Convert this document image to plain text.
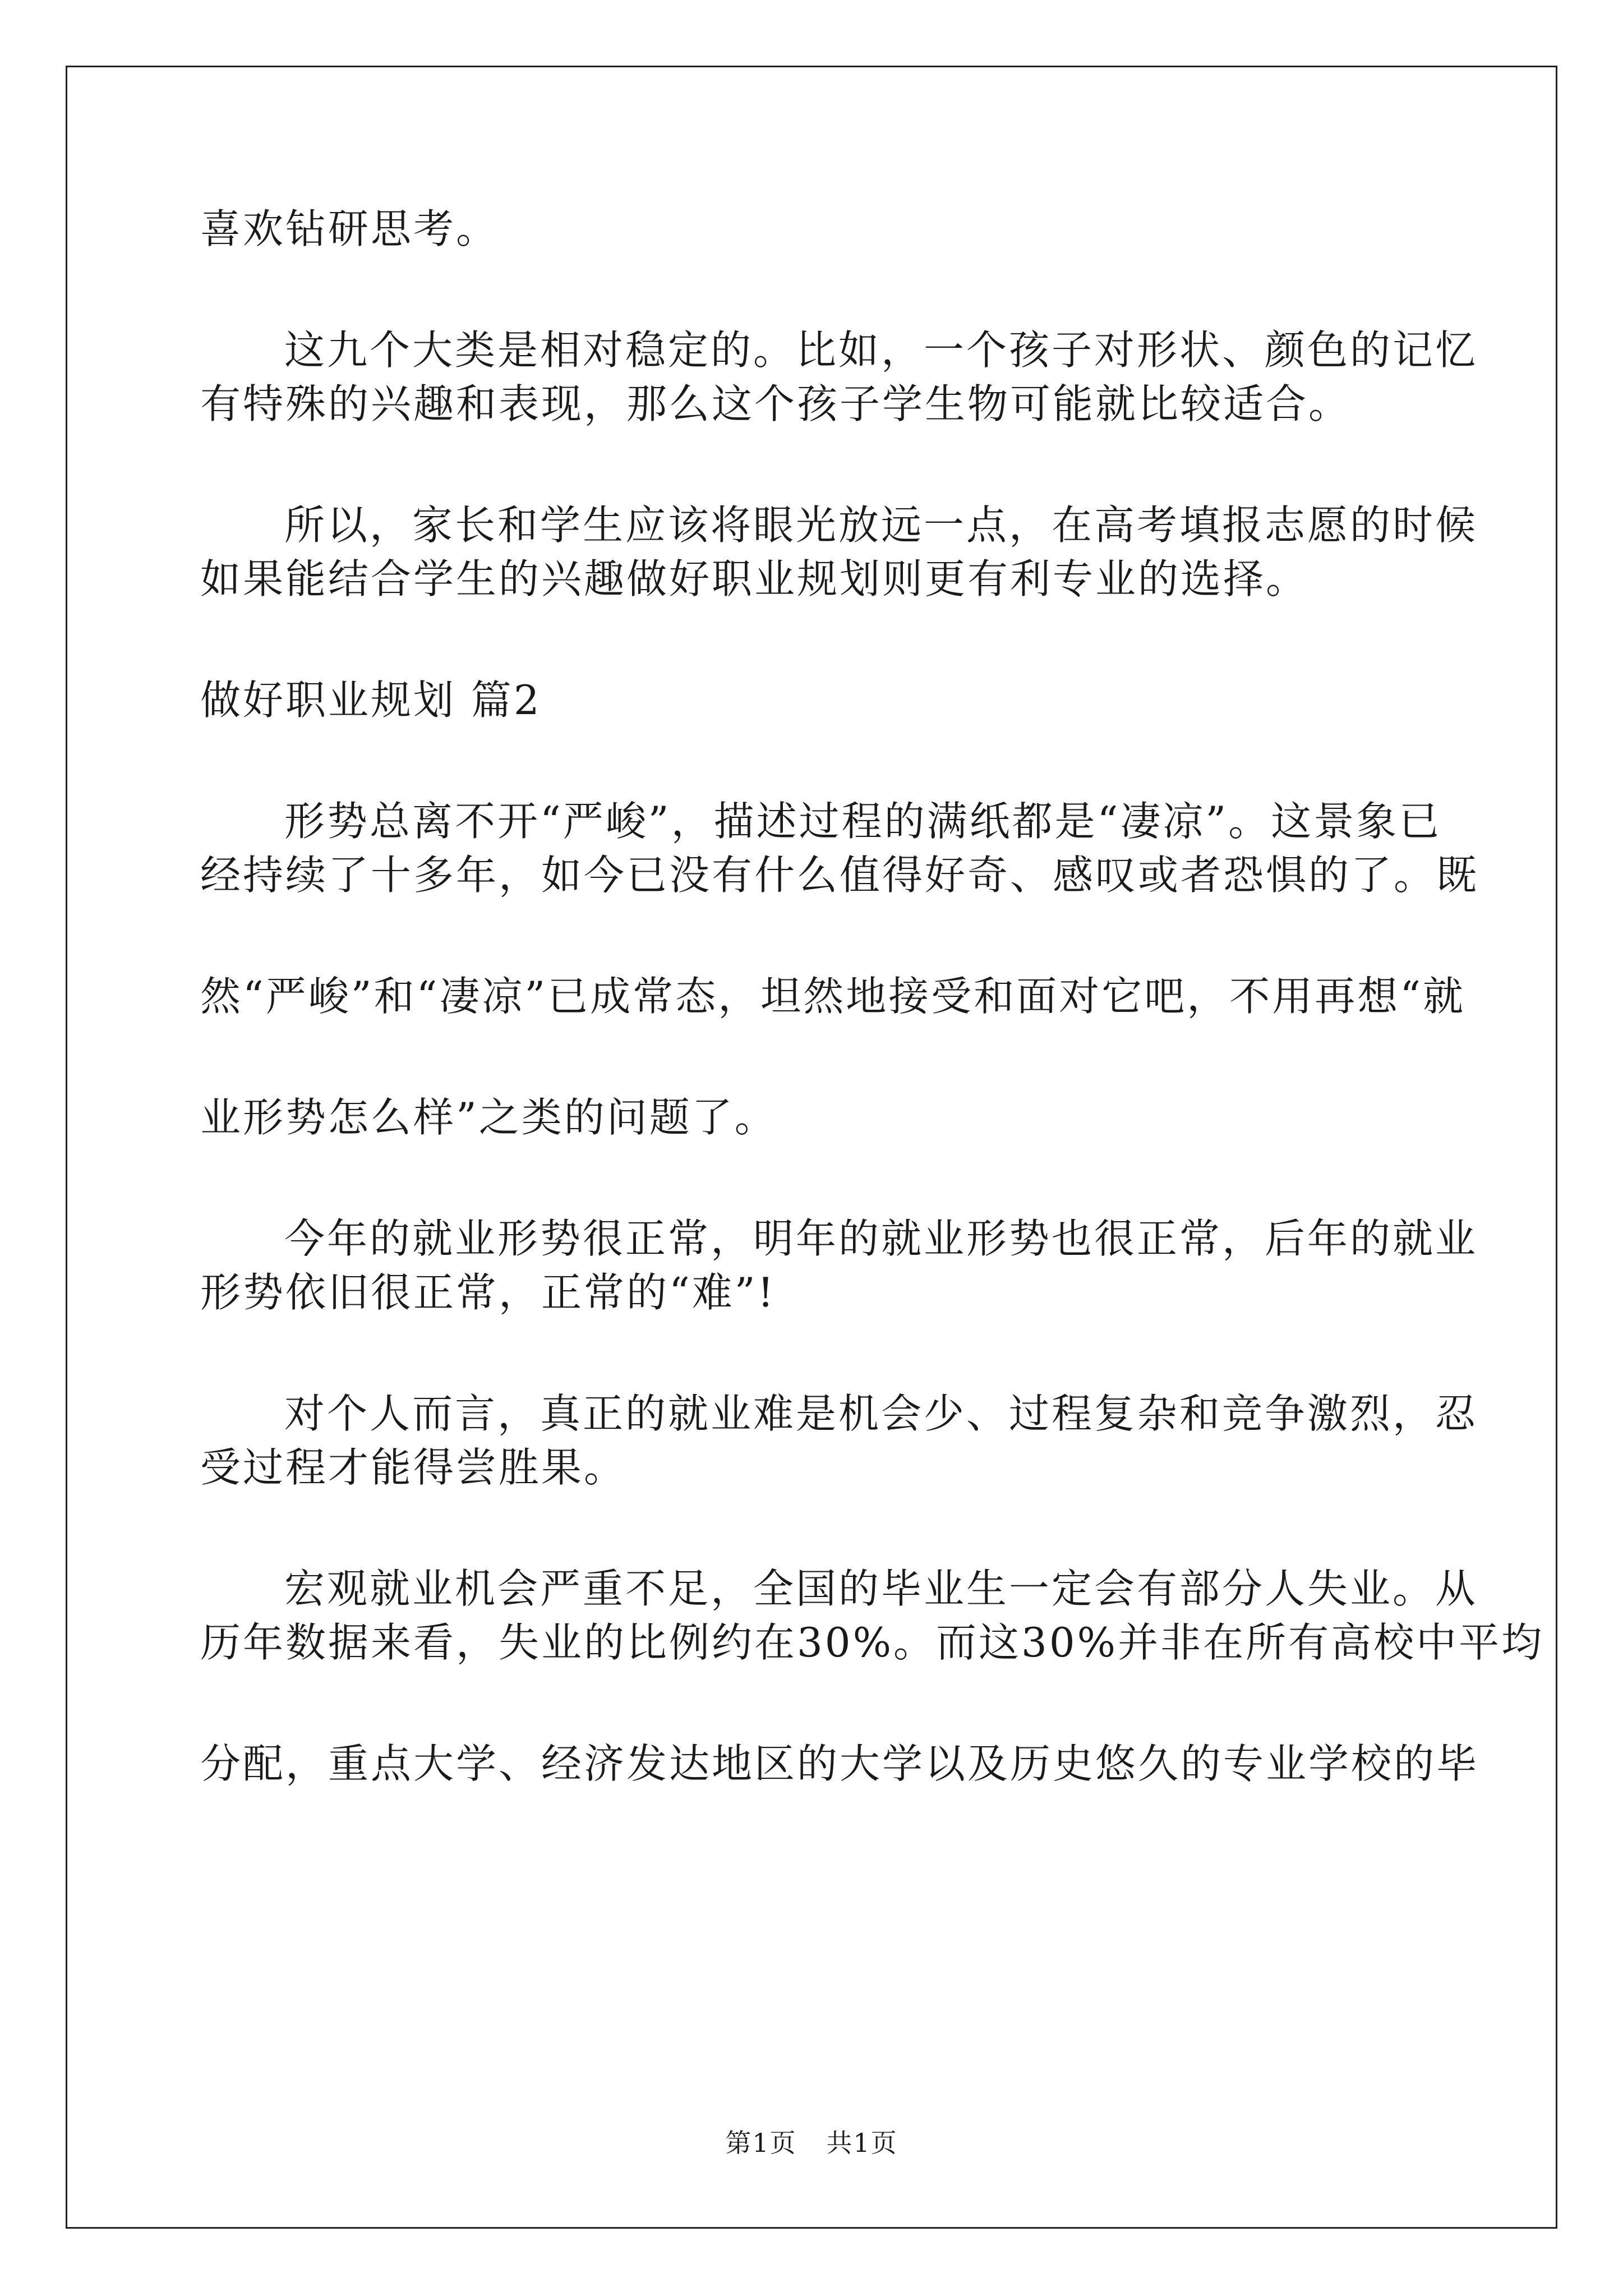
喜欢钻研思考。

这九个大类是相对稳定的。比如，一个孩子对形状、颜色的记忆

有特殊的兴趣和表现，那么这个孩子学生物可能就比较适合。

所以，家长和学生应该将眼光放远一点，在高考填报志愿的时候

如果能结合学生的兴趣做好职业规划则更有利专业的选择。

做好职业规划 篇2

形势总离不开“严峻”，描述过程的满纸都是“凄凉”。这景象已

经持续了十多年，如今已没有什么值得好奇、感叹或者恐惧的了。既

然“严峻”和“凄凉”已成常态，坦然地接受和面对它吧，不用再想“就

业形势怎么样”之类的问题了。

今年的就业形势很正常，明年的就业形势也很正常，后年的就业

形势依旧很正常，正常的“难”!

对个人而言，真正的就业难是机会少、过程复杂和竞争激烈，忍

受过程才能得尝胜果。

宏观就业机会严重不足，全国的毕业生一定会有部分人失业。从

历年数据来看，失业的比例约在30%。而这30%并非在所有高校中平均

分配，重点大学、经济发达地区的大学以及历史悠久的专业学校的毕

第1页 共1页
